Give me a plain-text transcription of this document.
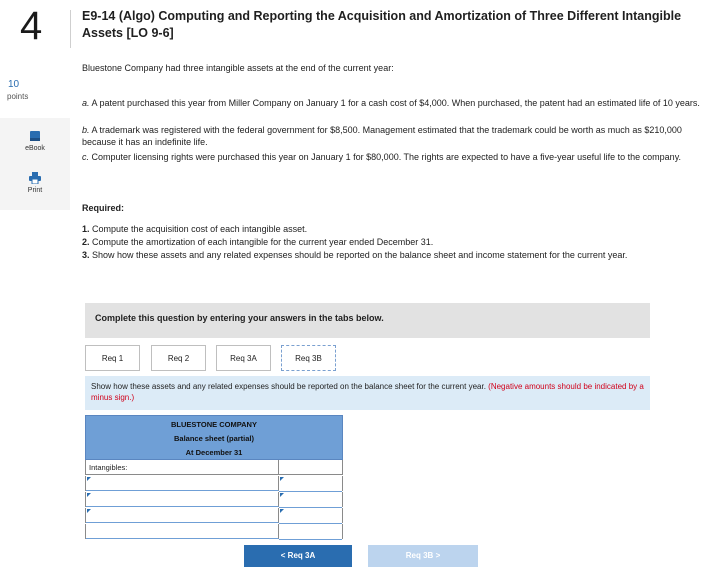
4	E9-14 (Algo) Computing and Reporting the Acquisition and Amortization of Three Different Intangible Assets [LO 9-6]
10
points
eBook
Print
Bluestone Company had three intangible assets at the end of the current year:
a. A patent purchased this year from Miller Company on January 1 for a cash cost of $4,000. When purchased, the patent had an estimated life of 10 years.
b. A trademark was registered with the federal government for $8,500. Management estimated that the trademark could be worth as much as $210,000 because it has an indefinite life.
c. Computer licensing rights were purchased this year on January 1 for $80,000. The rights are expected to have a five-year useful life to the company.
Required:
1. Compute the acquisition cost of each intangible asset.
2. Compute the amortization of each intangible for the current year ended December 31.
3. Show how these assets and any related expenses should be reported on the balance sheet and income statement for the current year.
Complete this question by entering your answers in the tabs below.
Req 1	Req 2	Req 3A	Req 3B
Show how these assets and any related expenses should be reported on the balance sheet for the current year. (Negative amounts should be indicated by a minus sign.)
BLUESTONE COMPANY
Balance sheet (partial)
At December 31
Intangibles:
< Req 3A	Req 3B >
